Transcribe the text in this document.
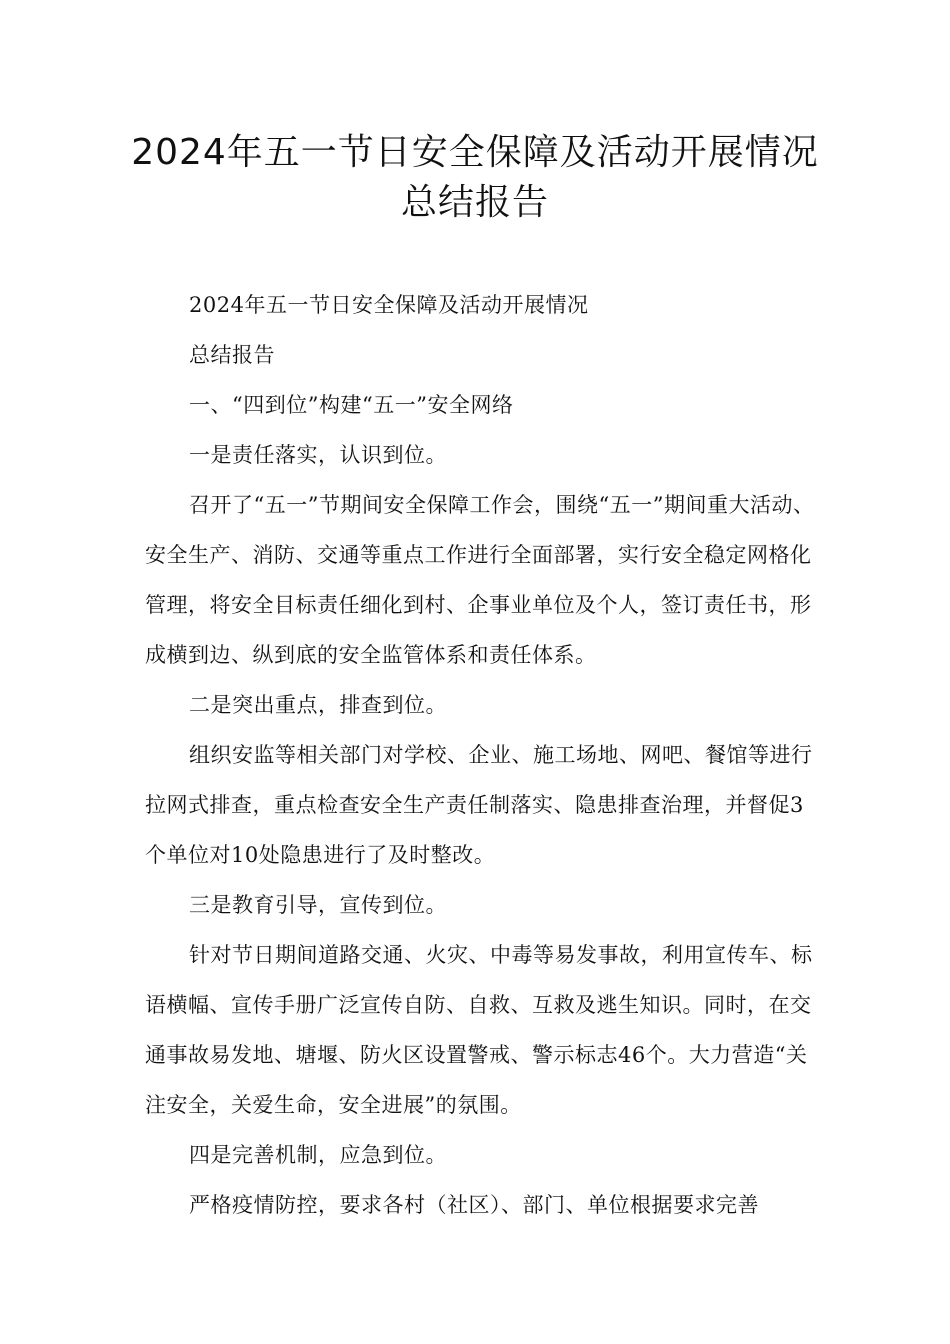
2024年五一节日安全保障及活动开展情况总结报告

2024年五一节日安全保障及活动开展情况

总结报告

一、“四到位”构建“五一”安全网络

一是责任落实，认识到位。

召开了“五一”节期间安全保障工作会，围绕“五一”期间重大活动、安全生产、消防、交通等重点工作进行全面部署，实行安全稳定网格化管理，将安全目标责任细化到村、企事业单位及个人，签订责任书，形成横到边、纵到底的安全监管体系和责任体系。

二是突出重点，排查到位。

组织安监等相关部门对学校、企业、施工场地、网吧、餐馆等进行拉网式排查，重点检查安全生产责任制落实、隐患排查治理，并督促3个单位对10处隐患进行了及时整改。

三是教育引导，宣传到位。

针对节日期间道路交通、火灾、中毒等易发事故，利用宣传车、标语横幅、宣传手册广泛宣传自防、自救、互救及逃生知识。同时，在交通事故易发地、塘堰、防火区设置警戒、警示标志46个。大力营造“关注安全，关爱生命，安全进展”的氛围。

四是完善机制，应急到位。

严格疫情防控，要求各村（社区）、部门、单位根据要求完善
